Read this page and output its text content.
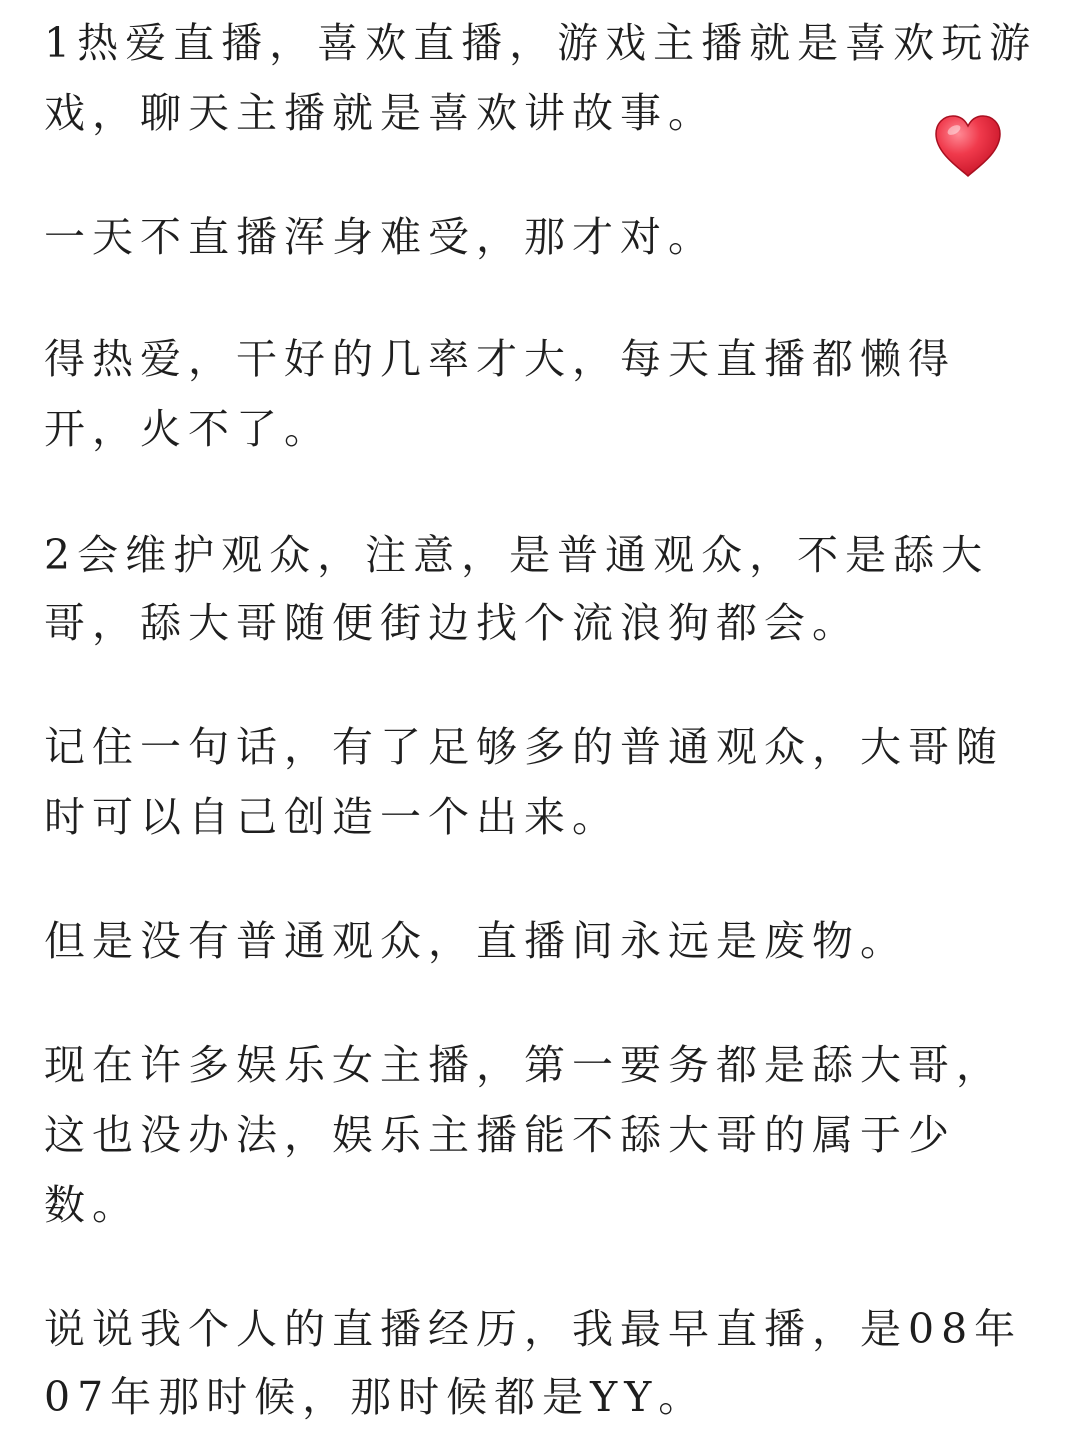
1热爱直播，喜欢直播，游戏主播就是喜欢玩游

戏，聊天主播就是喜欢讲故事。

一天不直播浑身难受，那才对。

得热爱，干好的几率才大，每天直播都懒得

开，火不了。

2会维护观众，注意，是普通观众，不是舔大

哥，舔大哥随便街边找个流浪狗都会。

记住一句话，有了足够多的普通观众，大哥随

时可以自己创造一个出来。

但是没有普通观众，直播间永远是废物。

现在许多娱乐女主播，第一要务都是舔大哥，

这也没办法，娱乐主播能不舔大哥的属于少

数。

说说我个人的直播经历，我最早直播，是08年

07年那时候，那时候都是YY。
